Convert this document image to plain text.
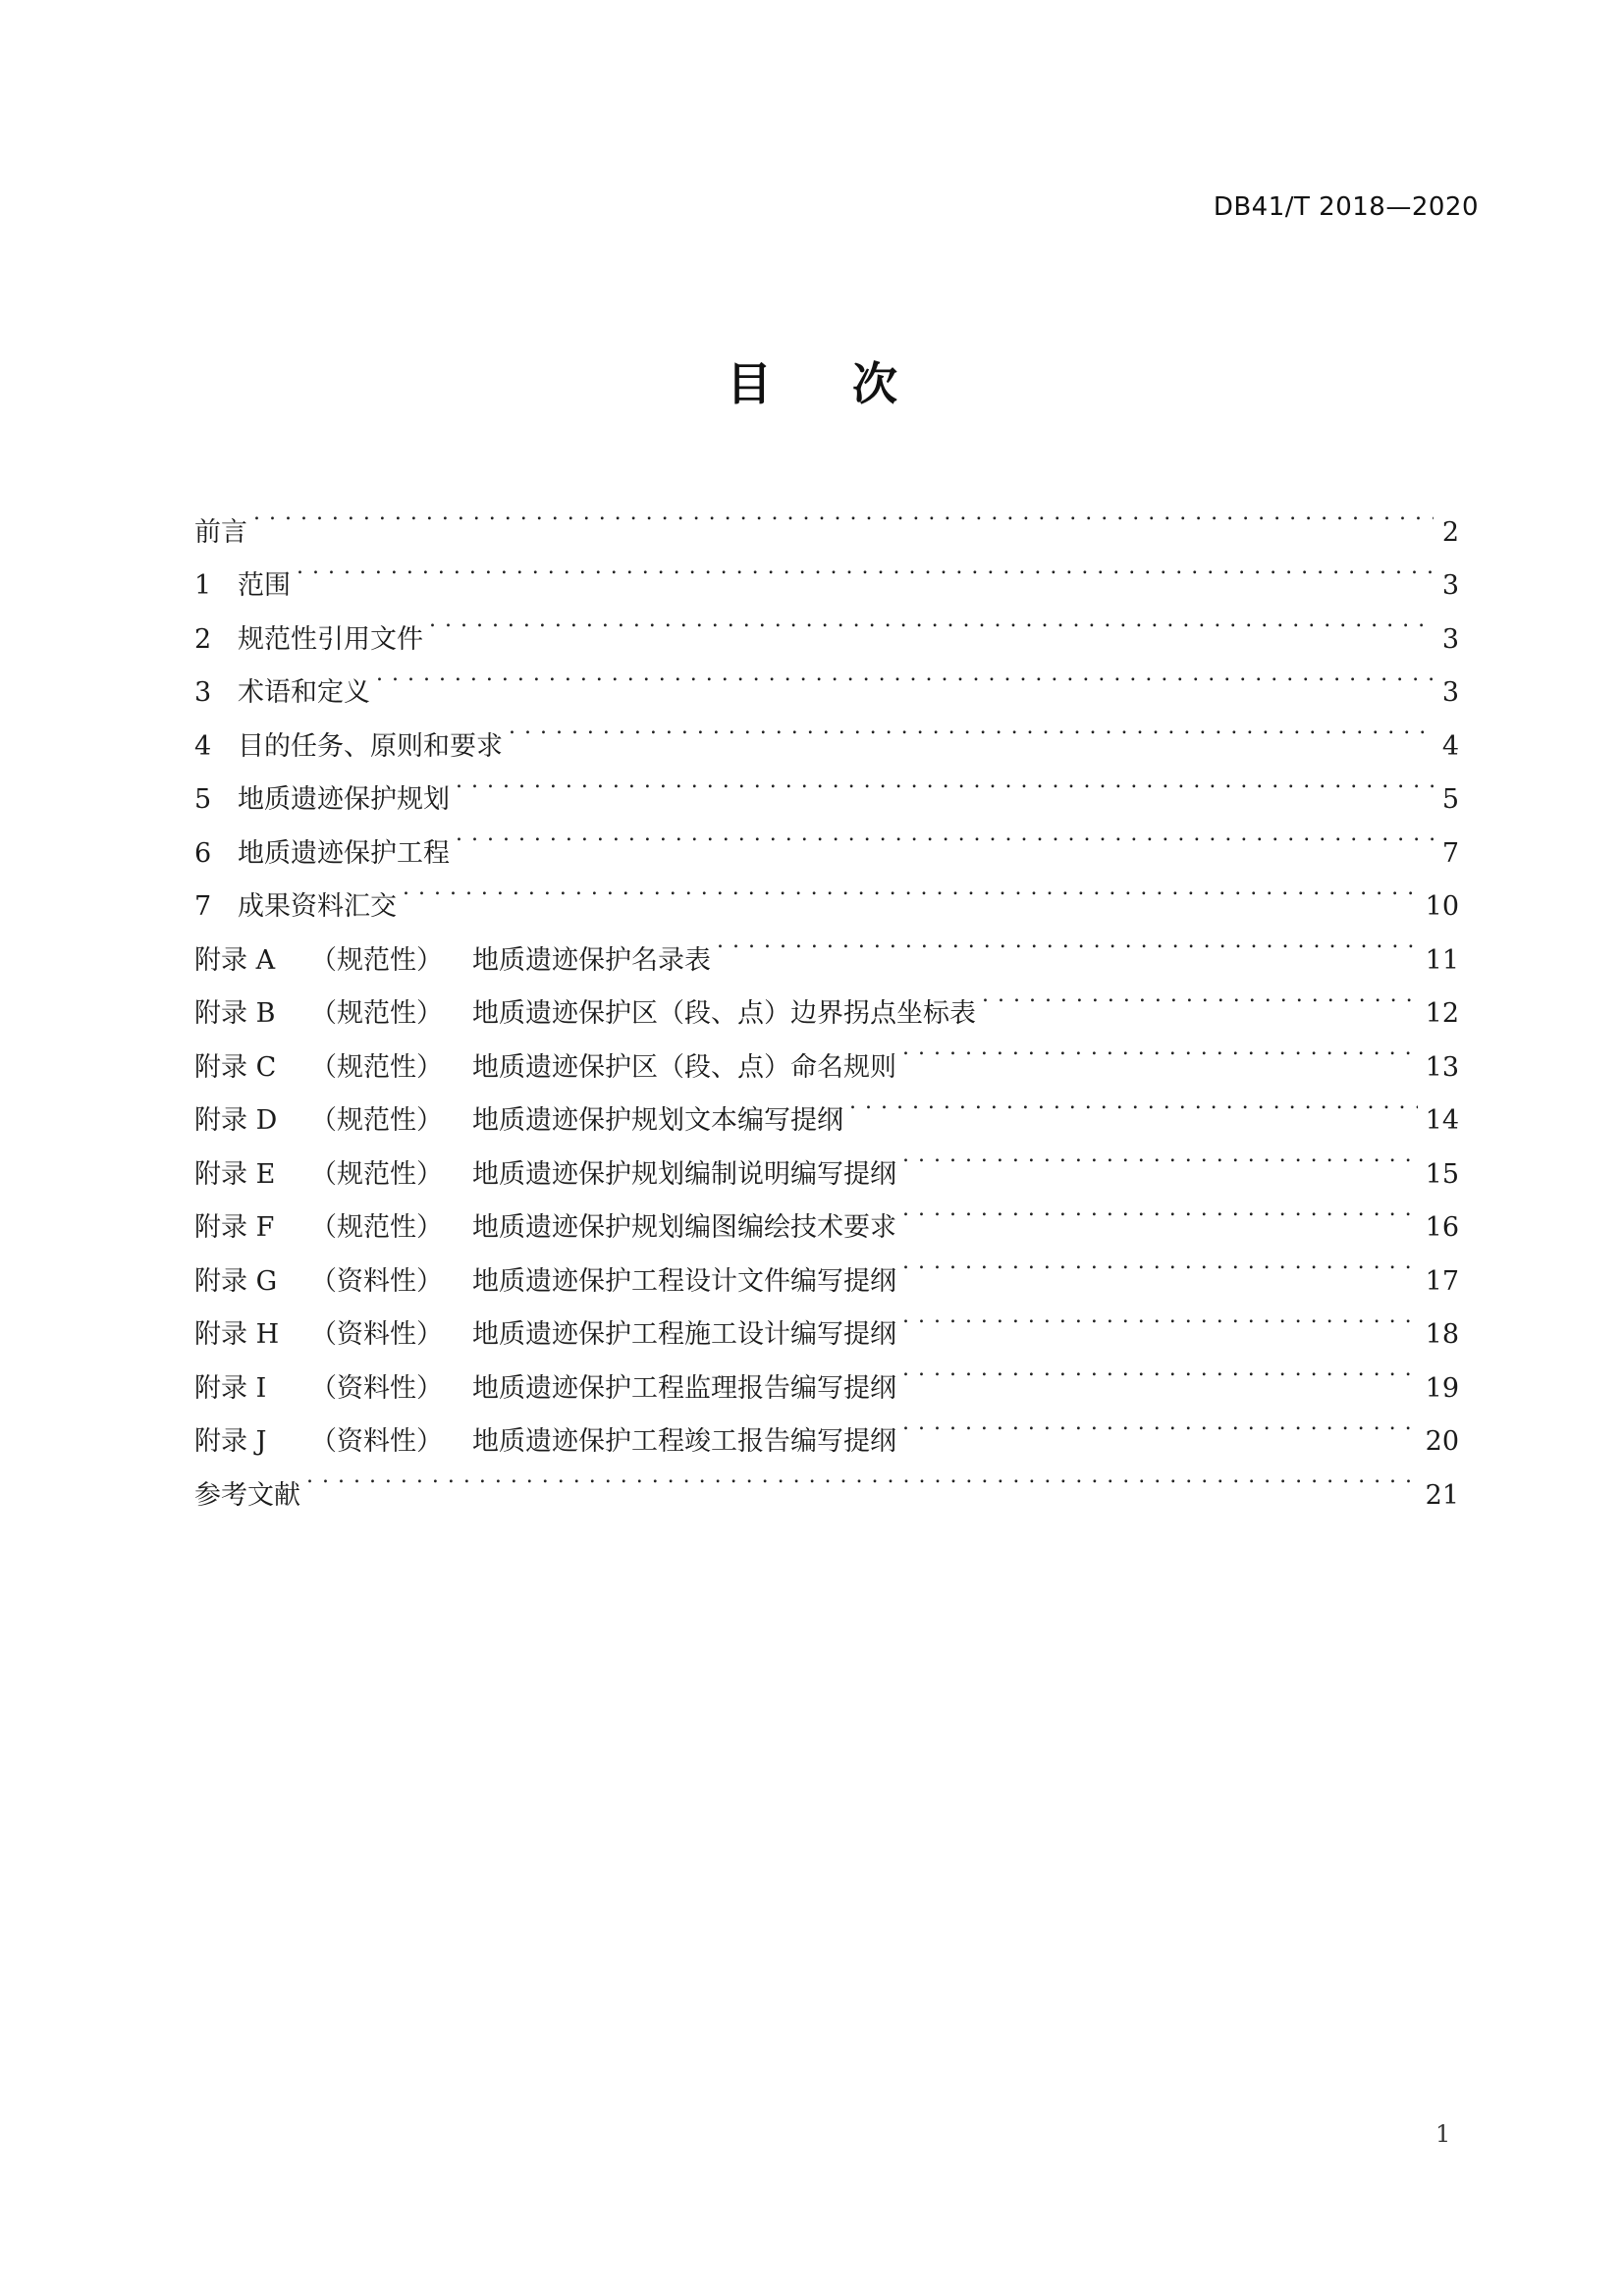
DB41/T 2018—2020
目次
前言 . . .	2
1 范围 . . .	3
2 规范性引用文件 . . .	3
3 术语和定义 . . .	3
4 目的任务、原则和要求 . . .	4
5 地质遗迹保护规划 . . .	5
6 地质遗迹保护工程 . . .	7
7 成果资料汇交 . . .	10
附录 A	（规范性）	地质遗迹保护名录表 . . .	11
附录 B	（规范性）	地质遗迹保护区（段、点）边界拐点坐标表 . . .	12
附录 C	（规范性）	地质遗迹保护区（段、点）命名规则 . . .	13
附录 D	（规范性）	地质遗迹保护规划文本编写提纲 . . .	14
附录 E	（规范性）	地质遗迹保护规划编制说明编写提纲 . . .	15
附录 F	（规范性）	地质遗迹保护规划编图编绘技术要求 . . .	16
附录 G	（资料性）	地质遗迹保护工程设计文件编写提纲 . . .	17
附录 H	（资料性）	地质遗迹保护工程施工设计编写提纲 . . .	18
附录 I	（资料性）	地质遗迹保护工程监理报告编写提纲 . . .	19
附录 J	（资料性）	地质遗迹保护工程竣工报告编写提纲 . . .	20
参考文献 . . .	21
1
